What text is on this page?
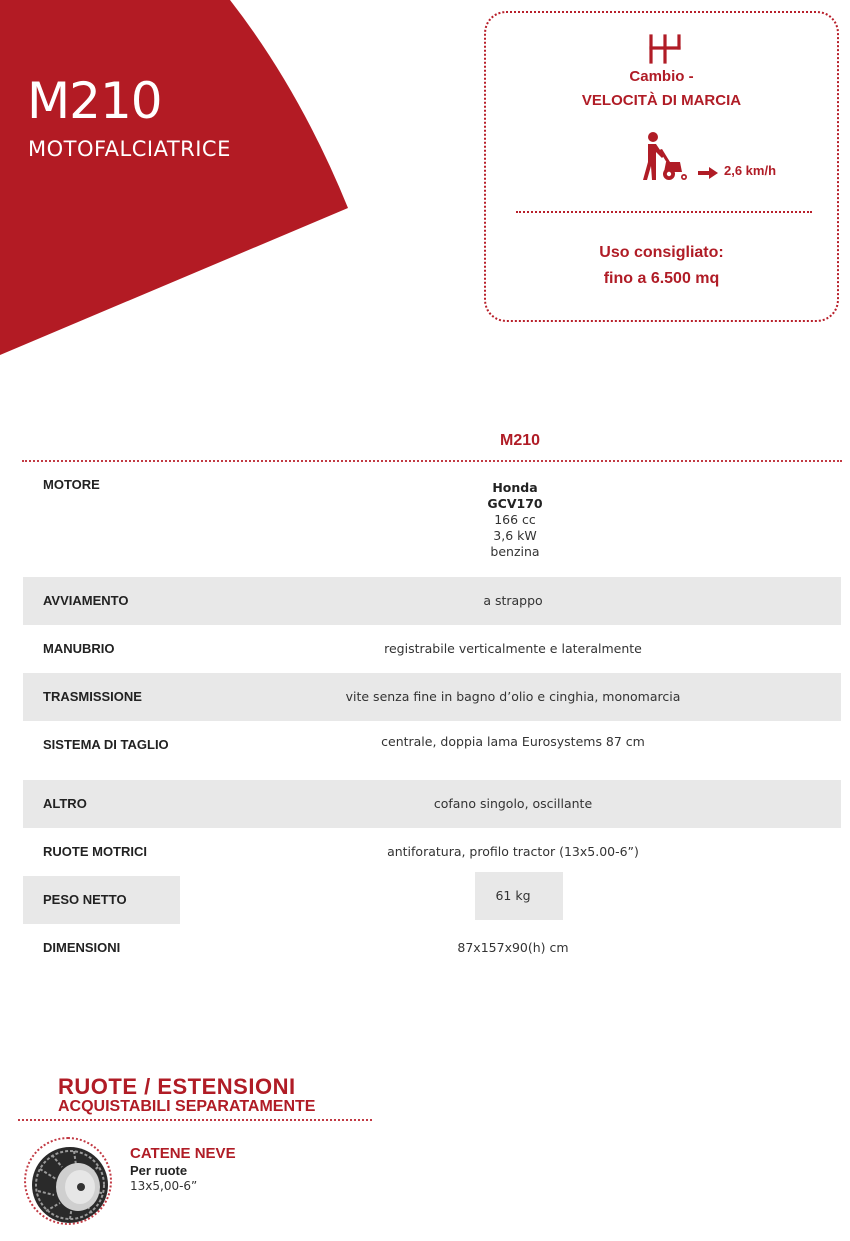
M210
MOTOFALCIATRICE
Cambio -
VELOCITÀ DI MARCIA
2,6 km/h
Uso consigliato:
fino a 6.500 mq
M210
MOTORE	Honda
GCV170
166 cc
3,6 kW
benzina
AVVIAMENTO	a strappo
MANUBRIO	registrabile verticalmente e lateralmente
TRASMISSIONE	vite senza fine in bagno d’olio e cinghia, monomarcia
SISTEMA DI TAGLIO	centrale, doppia lama Eurosystems 87 cm
ALTRO	cofano singolo, oscillante
RUOTE MOTRICI	antiforatura, profilo tractor (13x5.00-6”)
PESO NETTO	61 kg
DIMENSIONI	87x157x90(h) cm
RUOTE / ESTENSIONI
ACQUISTABILI SEPARATAMENTE
CATENE NEVE
Per ruote
13x5,00-6”
